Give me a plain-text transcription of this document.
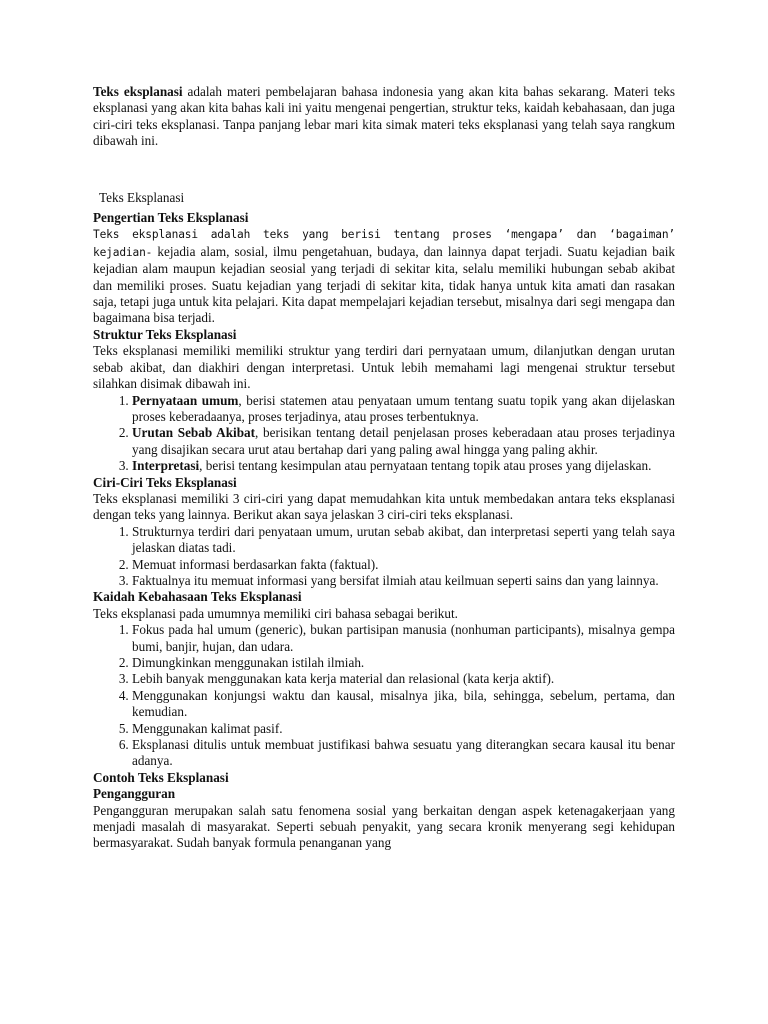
Teks eksplanasi adalah materi pembelajaran bahasa indonesia yang akan kita bahas sekarang. Materi teks eksplanasi yang akan kita bahas kali ini yaitu mengenai pengertian, struktur teks, kaidah kebahasaan, dan juga ciri-ciri teks eksplanasi. Tanpa panjang lebar mari kita simak materi teks eksplanasi yang telah saya rangkum dibawah ini.

Teks Eksplanasi

Pengertian Teks Eksplanasi

Teks eksplanasi adalah teks yang berisi tentang proses ‘mengapa’ dan ‘bagaiman’ kejadian- kejadia alam, sosial, ilmu pengetahuan, budaya, dan lainnya dapat terjadi. Suatu kejadian baik kejadian alam maupun kejadian seosial yang terjadi di sekitar kita, selalu memiliki hubungan sebab akibat dan memiliki proses. Suatu kejadian yang terjadi di sekitar kita, tidak hanya untuk kita amati dan rasakan saja, tetapi juga untuk kita pelajari. Kita dapat mempelajari kejadian tersebut, misalnya dari segi mengapa dan bagaimana bisa terjadi.

Struktur Teks Eksplanasi

Teks eksplanasi memiliki memiliki struktur yang terdiri dari pernyataan umum, dilanjutkan dengan urutan sebab akibat, dan diakhiri dengan interpretasi. Untuk lebih memahami lagi mengenai struktur tersebut silahkan disimak dibawah ini.

1. Pernyataan umum, berisi statemen atau penyataan umum tentang suatu topik yang akan dijelaskan proses keberadaanya, proses terjadinya, atau proses terbentuknya.
2. Urutan Sebab Akibat, berisikan tentang detail penjelasan proses keberadaan atau proses terjadinya yang disajikan secara urut atau bertahap dari yang paling awal hingga yang paling akhir.
3. Interpretasi, berisi tentang kesimpulan atau pernyataan tentang topik atau proses yang dijelaskan.
Ciri-Ciri Teks Eksplanasi

Teks eksplanasi memiliki 3 ciri-ciri yang dapat memudahkan kita untuk membedakan antara teks eksplanasi dengan teks yang lainnya. Berikut akan saya jelaskan 3 ciri-ciri teks eksplanasi.

1. Strukturnya terdiri dari penyataan umum, urutan sebab akibat, dan interpretasi seperti yang telah saya jelaskan diatas tadi.
2. Memuat informasi berdasarkan fakta (faktual).
3. Faktualnya itu memuat informasi yang bersifat ilmiah atau keilmuan seperti sains dan yang lainnya.
Kaidah Kebahasaan Teks Eksplanasi

Teks eksplanasi pada umumnya memiliki ciri bahasa sebagai berikut.

1. Fokus pada hal umum (generic), bukan partisipan manusia (nonhuman participants), misalnya gempa bumi, banjir, hujan, dan udara.
2. Dimungkinkan menggunakan istilah ilmiah.
3. Lebih banyak menggunakan kata kerja material dan relasional (kata kerja aktif).
4. Menggunakan konjungsi waktu dan kausal, misalnya jika, bila, sehingga, sebelum, pertama, dan kemudian.
5. Menggunakan kalimat pasif.
6. Eksplanasi ditulis untuk membuat justifikasi bahwa sesuatu yang diterangkan secara kausal itu benar adanya.
Contoh Teks Eksplanasi
Pengangguran

Pengangguran merupakan salah satu fenomena sosial yang berkaitan dengan aspek ketenagakerjaan yang menjadi masalah di masyarakat. Seperti sebuah penyakit, yang secara kronik menyerang segi kehidupan bermasyarakat. Sudah banyak formula penanganan yang
